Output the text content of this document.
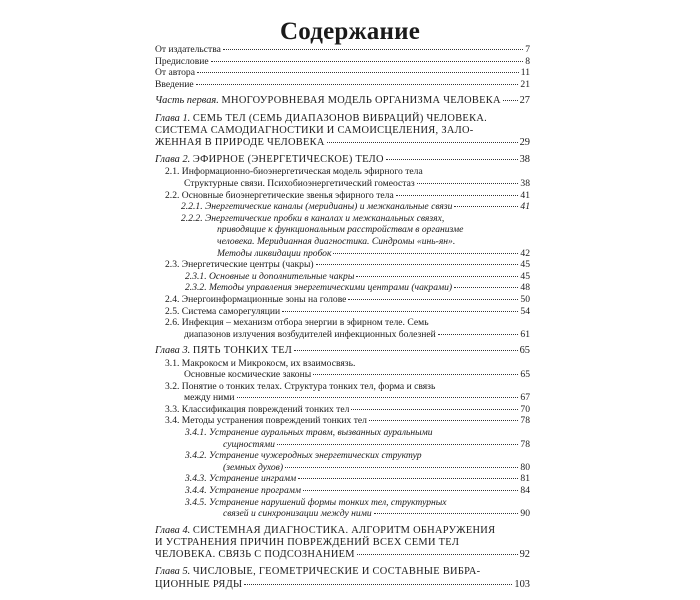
Содержание
От издательства	7
Предисловие	8
От автора	11
Введение	21
Часть первая. МНОГОУРОВНЕВАЯ МОДЕЛЬ ОРГАНИЗМА ЧЕЛОВЕКА 27
Глава 1. СЕМЬ ТЕЛ (СЕМЬ ДИАПАЗОНОВ ВИБРАЦИЙ) ЧЕЛОВЕКА.
СИСТЕМА САМОДИАГНОСТИКИ И САМОИСЦЕЛЕНИЯ, ЗАЛО-
ЖЕННАЯ В ПРИРОДЕ ЧЕЛОВЕКА	29
Глава 2. ЭФИРНОЕ (ЭНЕРГЕТИЧЕСКОЕ) ТЕЛО	38
2.1. Информационно-биоэнергетическая модель эфирного тела
Структурные связи. Психобиоэнергетический гомеостаз	38
2.2. Основные биоэнергетические звенья эфирного тела	41
2.2.1. Энергетические каналы (меридианы) и межканальные связи	41
2.2.2. Энергетические пробки в каналах и межканальных связях,
приводящие к функциональным расстройствам в организме
человека. Меридианная диагностика. Синдромы «инь-ян».
Методы ликвидации пробок	42
2.3. Энергетические центры (чакры)	45
2.3.1. Основные и дополнительные чакры	45
2.3.2. Методы управления энергетическими центрами (чакрами)	48
2.4. Энергоинформационные зоны на голове	50
2.5. Система саморегуляции	54
2.6. Инфекция – механизм отбора энергии в эфирном теле. Семь
диапазонов излучения возбудителей инфекционных болезней	61
Глава 3. ПЯТЬ ТОНКИХ ТЕЛ	65
3.1. Макрокосм и Микрокосм, их взаимосвязь.
Основные космические законы	65
3.2. Понятие о тонких телах. Структура тонких тел, форма и связь
между ними	67
3.3. Классификация повреждений тонких тел	70
3.4. Методы устранения повреждений тонких тел	78
3.4.1. Устранение ауральных травм, вызванных ауральными
сущностями	78
3.4.2. Устранение чужеродных энергетических структур
(земных духов)	80
3.4.3. Устранение инграмм	81
3.4.4. Устранение программ	84
3.4.5. Устранение нарушений формы тонких тел, структурных
связей и синхронизации между ними	90
Глава 4. СИСТЕМНАЯ ДИАГНОСТИКА. АЛГОРИТМ ОБНАРУЖЕНИЯ
И УСТРАНЕНИЯ ПРИЧИН ПОВРЕЖДЕНИЙ ВСЕХ СЕМИ ТЕЛ
ЧЕЛОВЕКА. СВЯЗЬ С ПОДСОЗНАНИЕМ	92
Глава 5. ЧИСЛОВЫЕ, ГЕОМЕТРИЧЕСКИЕ И СОСТАВНЫЕ ВИБРА-
ЦИОННЫЕ РЯДЫ	103
